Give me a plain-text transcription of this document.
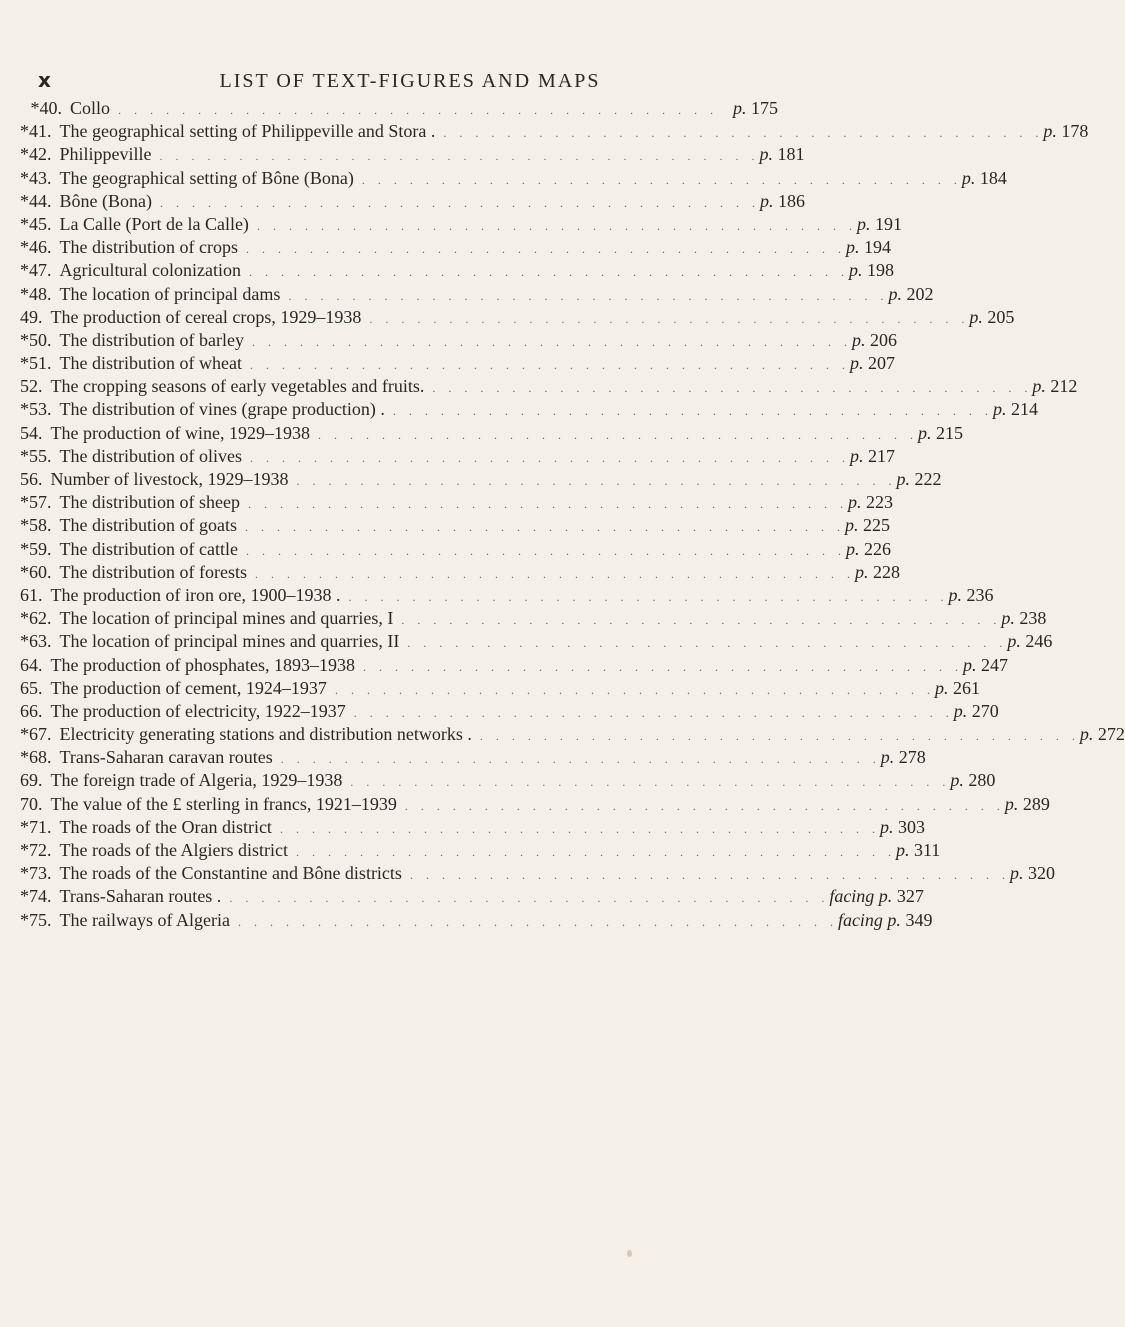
x	LIST OF TEXT-FIGURES AND MAPS
*40. Collo . . . . . . . . . . . . . . . . . . . . . . . . . . . . . . . . . . . . . . p. 175
*41. The geographical setting of Philippeville and Stora . . . . . . . . . . . . . . . . . . . . . . . . . . . . . . . . . . . . . . . p. 178
*42. Philippeville . . . . . . . . . . . . . . . . . . . . . . . . . . . . . . . . . . . . . . p. 181
*43. The geographical setting of Bône (Bona) . . . . . . . . . . . . . . . . . . . . . . . . . . . . . . . . . . . . . . p. 184
*44. Bône (Bona) . . . . . . . . . . . . . . . . . . . . . . . . . . . . . . . . . . . . . . p. 186
*45. La Calle (Port de la Calle) . . . . . . . . . . . . . . . . . . . . . . . . . . . . . . . . . . . . . . p. 191
*46. The distribution of crops . . . . . . . . . . . . . . . . . . . . . . . . . . . . . . . . . . . . . . p. 194
*47. Agricultural colonization . . . . . . . . . . . . . . . . . . . . . . . . . . . . . . . . . . . . . . p. 198
*48. The location of principal dams . . . . . . . . . . . . . . . . . . . . . . . . . . . . . . . . . . . . . . p. 202
49. The production of cereal crops, 1929–1938 . . . . . . . . . . . . . . . . . . . . . . . . . . . . . . . . . . . . . . p. 205
*50. The distribution of barley . . . . . . . . . . . . . . . . . . . . . . . . . . . . . . . . . . . . . . p. 206
*51. The distribution of wheat . . . . . . . . . . . . . . . . . . . . . . . . . . . . . . . . . . . . . . p. 207
52. The cropping seasons of early vegetables and fruits. . . . . . . . . . . . . . . . . . . . . . . . . . . . . . . . . . . . . . . p. 212
*53. The distribution of vines (grape production) . . . . . . . . . . . . . . . . . . . . . . . . . . . . . . . . . . . . . . . p. 214
54. The production of wine, 1929–1938 . . . . . . . . . . . . . . . . . . . . . . . . . . . . . . . . . . . . . . p. 215
*55. The distribution of olives . . . . . . . . . . . . . . . . . . . . . . . . . . . . . . . . . . . . . . p. 217
56. Number of livestock, 1929–1938 . . . . . . . . . . . . . . . . . . . . . . . . . . . . . . . . . . . . . . p. 222
*57. The distribution of sheep . . . . . . . . . . . . . . . . . . . . . . . . . . . . . . . . . . . . . . p. 223
*58. The distribution of goats . . . . . . . . . . . . . . . . . . . . . . . . . . . . . . . . . . . . . . p. 225
*59. The distribution of cattle . . . . . . . . . . . . . . . . . . . . . . . . . . . . . . . . . . . . . . p. 226
*60. The distribution of forests . . . . . . . . . . . . . . . . . . . . . . . . . . . . . . . . . . . . . . p. 228
61. The production of iron ore, 1900–1938 . . . . . . . . . . . . . . . . . . . . . . . . . . . . . . . . . . . . . . . p. 236
*62. The location of principal mines and quarries, I . . . . . . . . . . . . . . . . . . . . . . . . . . . . . . . . . . . . . . p. 238
*63. The location of principal mines and quarries, II . . . . . . . . . . . . . . . . . . . . . . . . . . . . . . . . . . . . . . p. 246
64. The production of phosphates, 1893–1938 . . . . . . . . . . . . . . . . . . . . . . . . . . . . . . . . . . . . . . p. 247
65. The production of cement, 1924–1937 . . . . . . . . . . . . . . . . . . . . . . . . . . . . . . . . . . . . . . p. 261
66. The production of electricity, 1922–1937 . . . . . . . . . . . . . . . . . . . . . . . . . . . . . . . . . . . . . . p. 270
*67. Electricity generating stations and distribution networks . . . . . . . . . . . . . . . . . . . . . . . . . . . . . . . . . . . . . . . p. 272
*68. Trans-Saharan caravan routes . . . . . . . . . . . . . . . . . . . . . . . . . . . . . . . . . . . . . . p. 278
69. The foreign trade of Algeria, 1929–1938 . . . . . . . . . . . . . . . . . . . . . . . . . . . . . . . . . . . . . . p. 280
70. The value of the £ sterling in francs, 1921–1939 . . . . . . . . . . . . . . . . . . . . . . . . . . . . . . . . . . . . . . p. 289
*71. The roads of the Oran district . . . . . . . . . . . . . . . . . . . . . . . . . . . . . . . . . . . . . . p. 303
*72. The roads of the Algiers district . . . . . . . . . . . . . . . . . . . . . . . . . . . . . . . . . . . . . . p. 311
*73. The roads of the Constantine and Bône districts . . . . . . . . . . . . . . . . . . . . . . . . . . . . . . . . . . . . . . p. 320
*74. Trans-Saharan routes . . . . . . . . . . . . . . . . . . . . . . . . . . . . . . . . . . . . . . . facing p. 327
*75. The railways of Algeria . . . . . . . . . . . . . . . . . . . . . . . . . . . . . . . . . . . . . . facing p. 349
